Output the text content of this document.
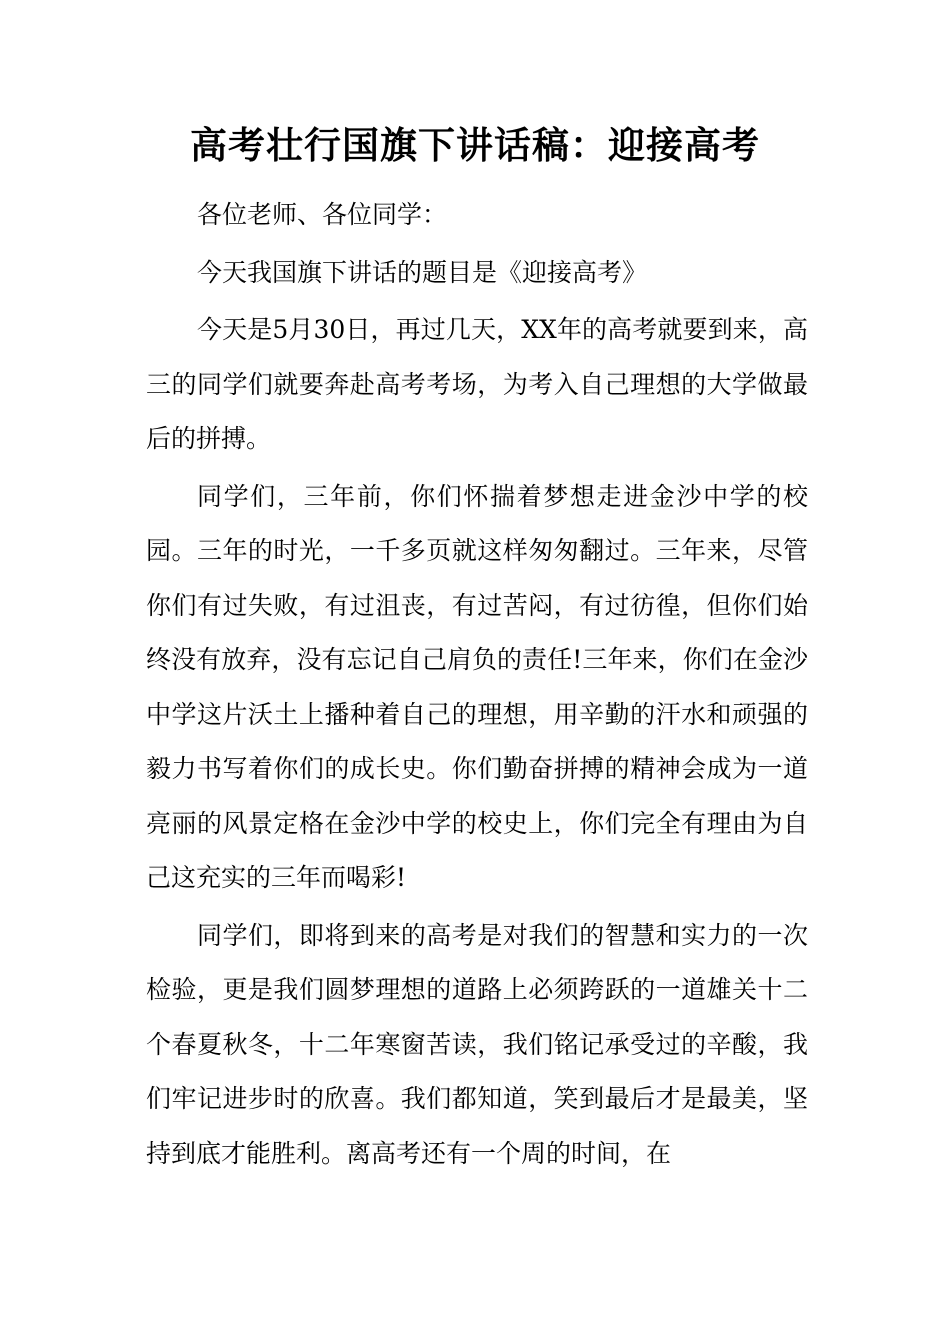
高考壮行国旗下讲话稿：迎接高考

各位老师、各位同学：

今天我国旗下讲话的题目是《迎接高考》

今天是5月30日，再过几天，XX年的高考就要到来，高三的同学们就要奔赴高考考场，为考入自己理想的大学做最后的拼搏。

同学们，三年前，你们怀揣着梦想走进金沙中学的校园。三年的时光，一千多页就这样匆匆翻过。三年来，尽管你们有过失败，有过沮丧，有过苦闷，有过彷徨，但你们始终没有放弃，没有忘记自己肩负的责任!三年来，你们在金沙中学这片沃土上播种着自己的理想，用辛勤的汗水和顽强的毅力书写着你们的成长史。你们勤奋拼搏的精神会成为一道亮丽的风景定格在金沙中学的校史上，你们完全有理由为自己这充实的三年而喝彩!

同学们，即将到来的高考是对我们的智慧和实力的一次检验，更是我们圆梦理想的道路上必须跨跃的一道雄关十二个春夏秋冬，十二年寒窗苦读，我们铭记承受过的辛酸，我们牢记进步时的欣喜。我们都知道，笑到最后才是最美，坚持到底才能胜利。离高考还有一个周的时间，在
